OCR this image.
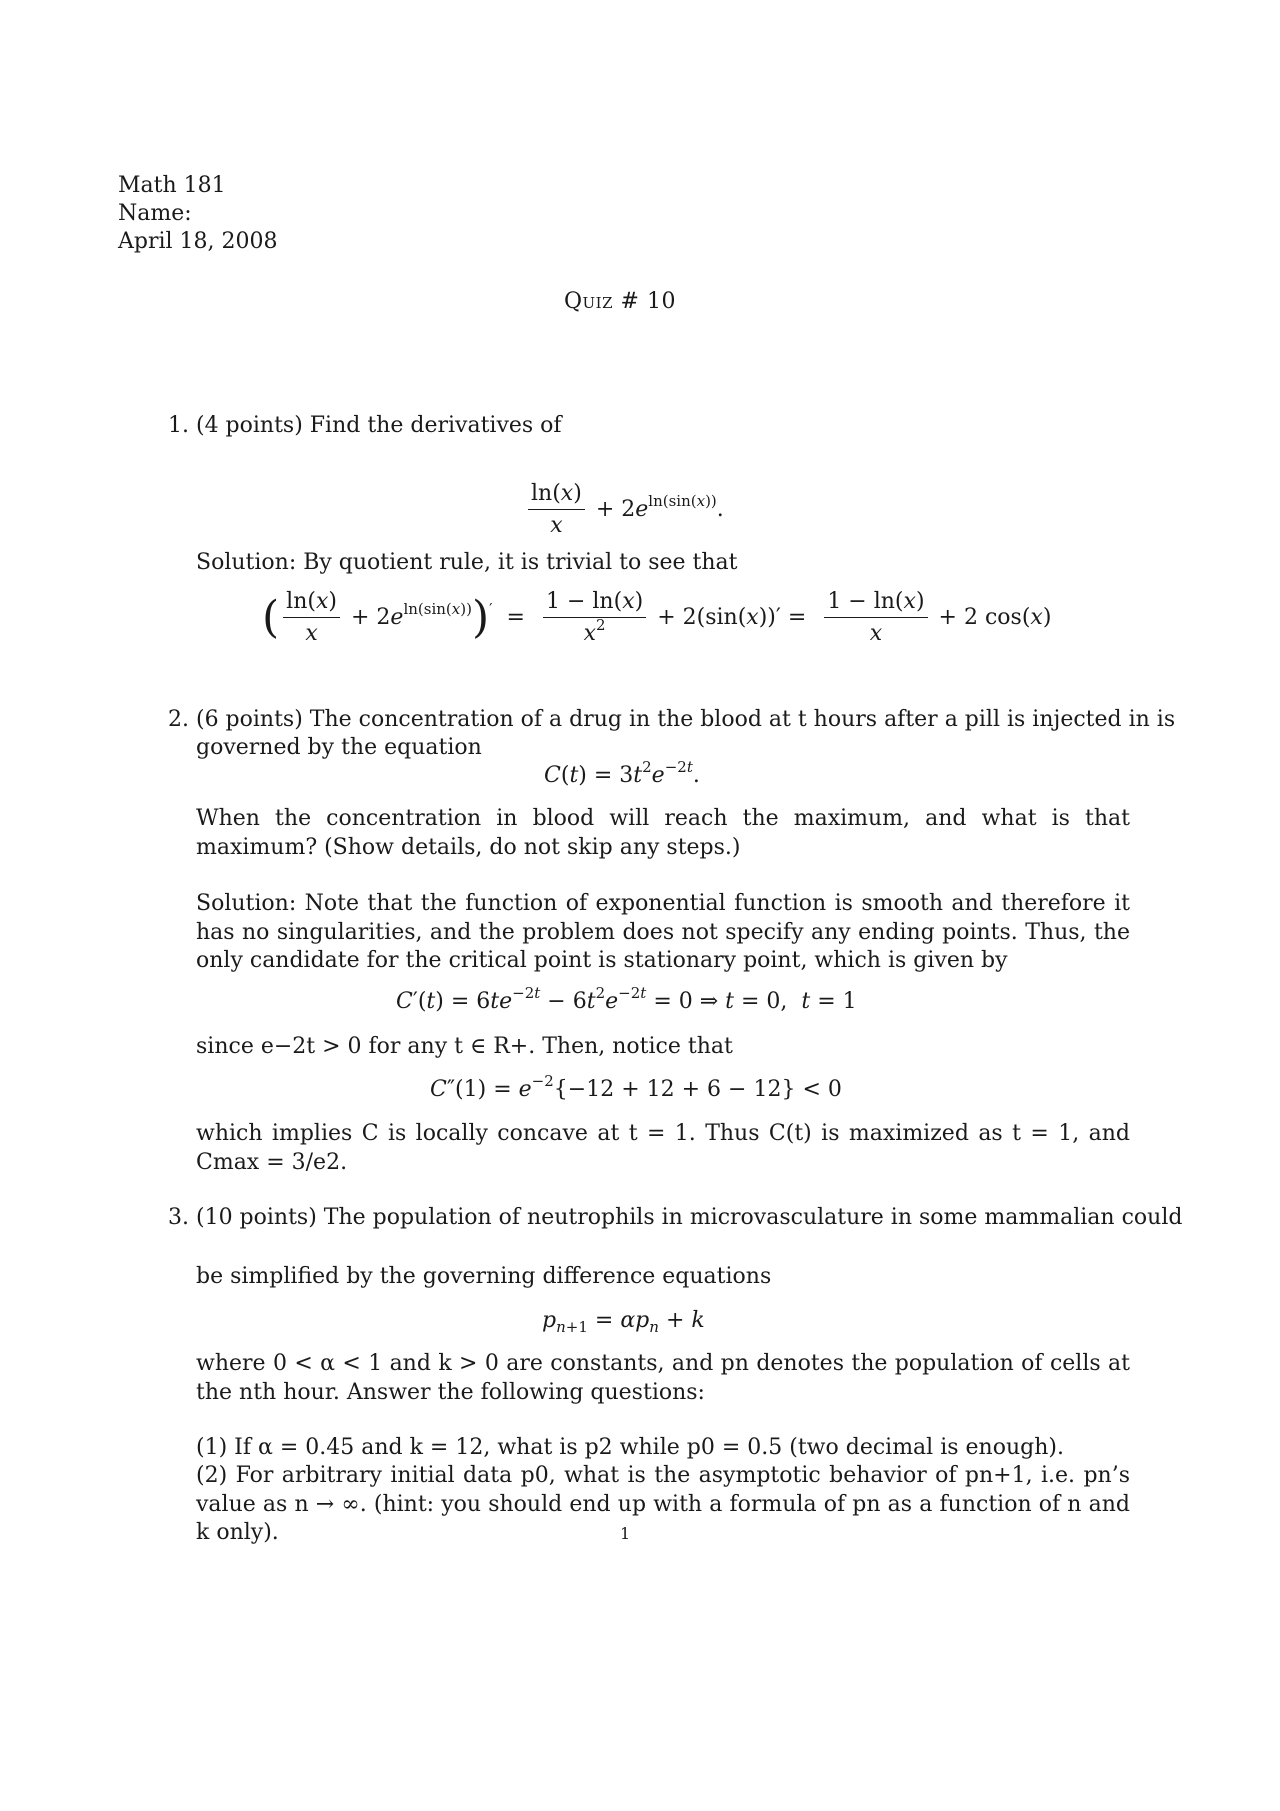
Math 181
Name:
April 18, 2008
Quiz # 10
1. (4 points) Find the derivatives of
$\frac{\ln(x)}{x} + 2e^{ln(sin(x))}$.
Solution: By quotient rule, it is trivial to see that
( $\frac{\ln(x)}{x} + 2e^{ln(sin(x))})' = \frac{1 - \ln(x)}{x^2} + 2(\sin(x))' = \frac{1 - \ln(x)}{x} + 2$ cos(x)
2. (6 points) The concentration of a drug in the blood at t hours after a pill is injected in is
governed by the equation
$C(t) = 3t^2e^{-2t}$.
When the concentration in blood will reach the maximum, and what is that maximum? (Show details, do not skip any steps.)
Solution: Note that the function of exponential function is smooth and therefore it has no singularities, and the problem does not specify any ending points. Thus, the only candidate for the critical point is stationary point, which is given by
$C'(t) = 6te^{-2t} - 6t^2e^{-2t} = 0$ ⇒ t = 0,  t = 1
since e−2t > 0 for any t ∈ R+. Then, notice that
$C''(1) = e^{-2}\{-12 + 12 + 6 - 12\} < 0$
which implies C is locally concave at t = 1. Thus C(t) is maximized as t = 1, and Cmax = 3/e2.
3. (10 points) The population of neutrophils in microvasculature in some mammalian could
be simplified by the governing difference equations
$p_{n+1} = \alpha p_n + k$
where 0 < α < 1 and k > 0 are constants, and pn denotes the population of cells at the nth hour. Answer the following questions:
(1) If α = 0.45 and k = 12, what is p2 while p0 = 0.5 (two decimal is enough).
(2) For arbitrary initial data p0, what is the asymptotic behavior of pn+1, i.e. pn’s value as n → ∞. (hint: you should end up with a formula of pn as a function of n and k only).	1
